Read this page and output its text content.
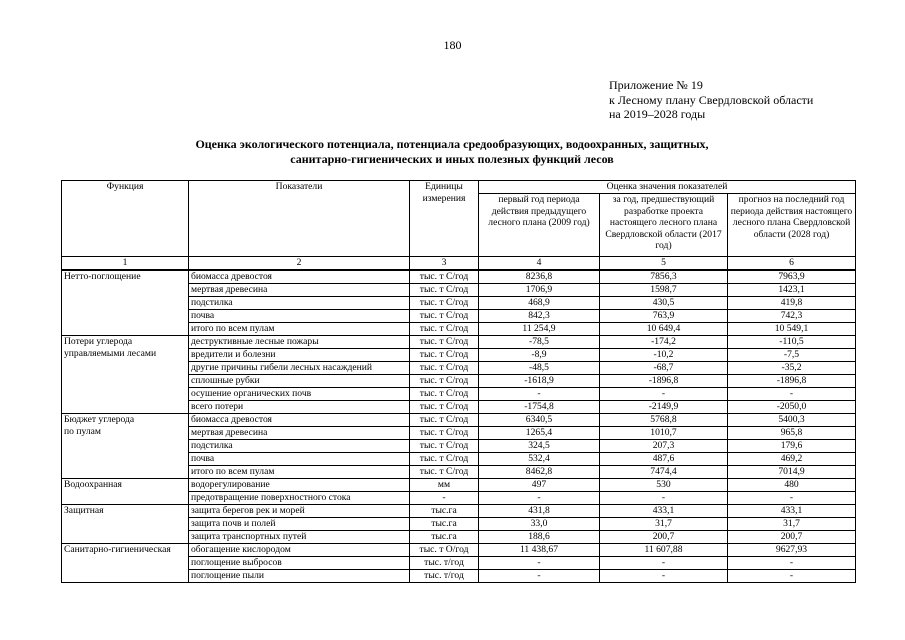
180
Приложение № 19
к Лесному плану Свердловской области
на 2019–2028 годы
Оценка экологического потенциала, потенциала средообразующих, водоохранных, защитных,
санитарно-гигиенических и иных полезных функций лесов
Функция	Показатели	Единицы измерения	Оценка значения показателей		
			первый год периода действия предыдущего лесного плана (2009 год)	за год, предшествующий разработке проекта настоящего лесного плана Свердловской области (2017 год)	прогноз на последний год периода действия настоящего лесного плана Свердловской области (2028 год)
1	2	3	4	5	6
Нетто-поглощение	биомасса древостоя	тыс. т С/год	8236,8	7856,3	7963,9
	мертвая древесина	тыс. т С/год	1706,9	1598,7	1423,1
	подстилка	тыс. т С/год	468,9	430,5	419,8
	почва	тыс. т С/год	842,3	763,9	742,3
	итого по всем пулам	тыс. т С/год	11 254,9	10 649,4	10 549,1
Потери углерода
управляемыми лесами	деструктивные лесные пожары	тыс. т С/год	-78,5	-174,2	-110,5
	вредители и болезни	тыс. т С/год	-8,9	-10,2	-7,5
	другие причины гибели лесных насаждений	тыс. т С/год	-48,5	-68,7	-35,2
	сплошные рубки	тыс. т С/год	-1618,9	-1896,8	-1896,8
	осушение органических почв	тыс. т С/год	-	-	-
	всего потери	тыс. т С/год	-1754,8	-2149,9	-2050,0
Бюджет углерода
по пулам	биомасса древостоя	тыс. т С/год	6340,5	5768,8	5400,3
	мертвая древесина	тыс. т С/год	1265,4	1010,7	965,8
	подстилка	тыс. т С/год	324,5	207,3	179,6
	почва	тыс. т С/год	532,4	487,6	469,2
	итого по всем пулам	тыс. т С/год	8462,8	7474,4	7014,9
Водоохранная	водорегулирование	мм	497	530	480
	предотвращение поверхностного стока	-	-	-	-
Защитная	защита берегов рек и морей	тыс.га	431,8	433,1	433,1
	защита почв и полей	тыс.га	33,0	31,7	31,7
	защита транспортных путей	тыс.га	188,6	200,7	200,7
Санитарно-гигиеническая	обогащение кислородом	тыс. т О/год	11 438,67	11 607,88	9627,93
	поглощение выбросов	тыс. т/год	-	-	-
	поглощение пыли	тыс. т/год	-	-	-
